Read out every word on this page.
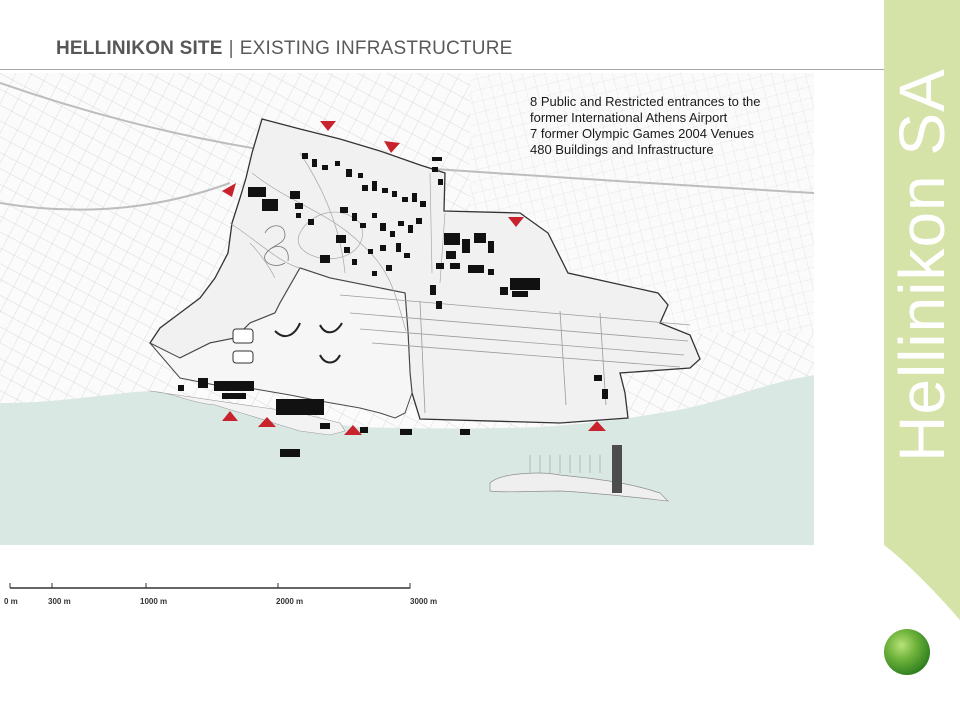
HELLINIKON SITE | EXISTING INFRASTRUCTURE
8 Public and Restricted entrances to the
former International Athens Airport
7 former Olympic Games 2004 Venues
480 Buildings and Infrastructure
0 m	300 m	1000 m	2000 m	3000 m
Hellinikon SA
